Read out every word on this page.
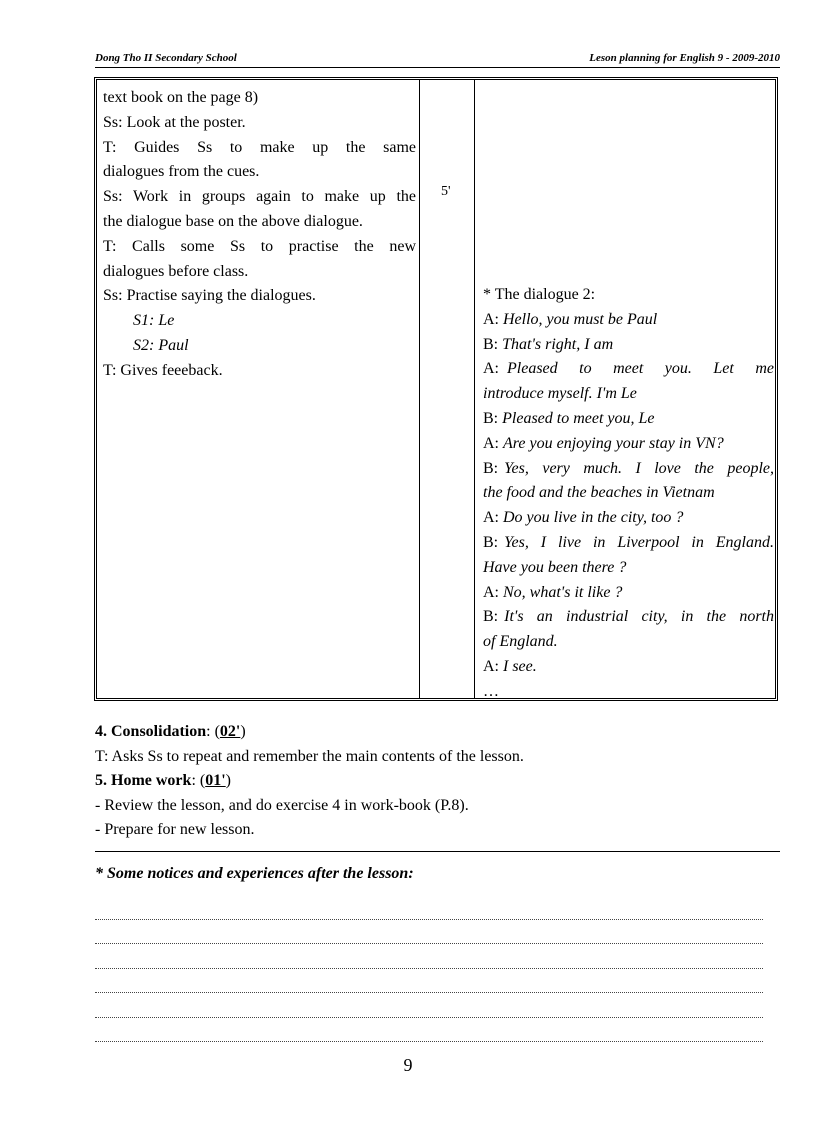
Dong Tho II Secondary School	Leson planning for English 9 - 2009-2010
text book on the page 8)
Ss: Look at the poster.
T: Guides Ss to make up the same
dialogues from the cues.
Ss: Work in groups again to make up the
the dialogue base on the above dialogue.
T: Calls some Ss to practise the new
dialogues before class.
Ss: Practise saying the dialogues.
S1: Le
S2: Paul
T: Gives feeeback.
5'
* The dialogue 2:
A: Hello, you must be Paul
B: That's right, I am
A: Pleased to meet you. Let me
introduce myself. I'm Le
B: Pleased to meet you, Le
A: Are you enjoying your stay in VN?
B: Yes, very much. I love the people,
the food and the beaches in Vietnam
A: Do you live in the city, too ?
B: Yes, I live in Liverpool in England.
Have you been there ?
A: No, what's it like ?
B: It's an industrial city, in the north
of England.
A: I see.
…
4. Consolidation: (02')
T: Asks Ss to repeat and remember the main contents of the lesson.
5. Home work: (01')
- Review the lesson, and do exercise 4 in work-book (P.8).
- Prepare for new lesson.
* Some notices and experiences after the lesson:
9
